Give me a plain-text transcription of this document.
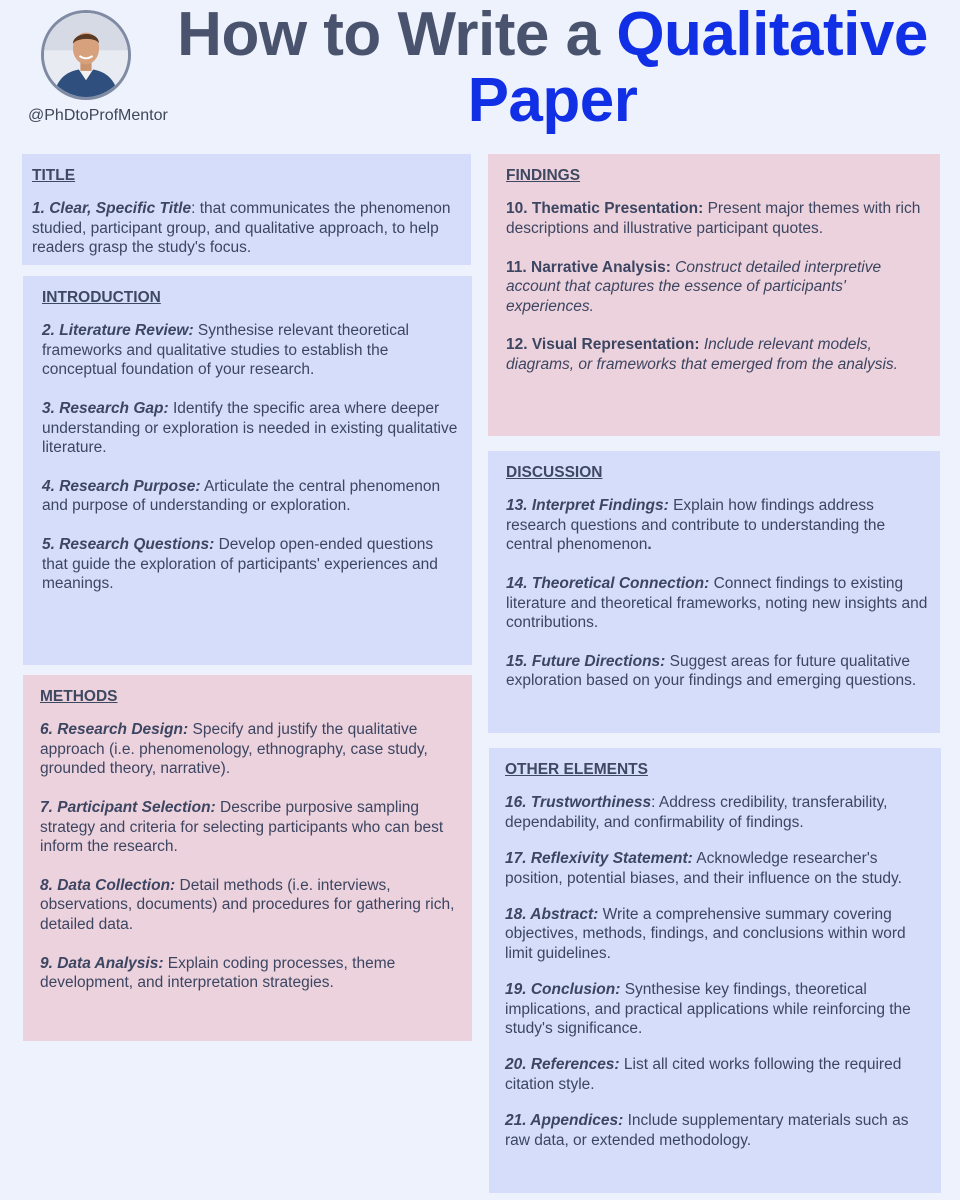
@PhDtoProfMentor
How to Write a Qualitative
Paper
TITLE
1. Clear, Specific Title: that communicates the phenomenon studied, participant group, and qualitative approach, to help readers grasp the study's focus.
INTRODUCTION
2. Literature Review: Synthesise relevant theoretical frameworks and qualitative studies to establish the conceptual foundation of your research.
3. Research Gap: Identify the specific area where deeper understanding or exploration is needed in existing qualitative literature.
4. Research Purpose: Articulate the central phenomenon and purpose of understanding or exploration.
5. Research Questions: Develop open-ended questions that guide the exploration of participants' experiences and meanings.
METHODS
6. Research Design: Specify and justify the qualitative approach (i.e. phenomenology, ethnography, case study, grounded theory, narrative).
7. Participant Selection: Describe purposive sampling strategy and criteria for selecting participants who can best inform the research.
8. Data Collection: Detail methods (i.e. interviews, observations, documents) and procedures for gathering rich, detailed data.
9. Data Analysis: Explain coding processes, theme development, and interpretation strategies.
FINDINGS
10. Thematic Presentation: Present major themes with rich descriptions and illustrative participant quotes.
11. Narrative Analysis: Construct detailed interpretive account that captures the essence of participants' experiences.
12. Visual Representation: Include relevant models, diagrams, or frameworks that emerged from the analysis.
DISCUSSION
13. Interpret Findings: Explain how findings address research questions and contribute to understanding the central phenomenon.
14. Theoretical Connection: Connect findings to existing literature and theoretical frameworks, noting new insights and contributions.
15. Future Directions: Suggest areas for future qualitative exploration based on your findings and emerging questions.
OTHER ELEMENTS
16. Trustworthiness: Address credibility, transferability, dependability, and confirmability of findings.
17. Reflexivity Statement: Acknowledge researcher's position, potential biases, and their influence on the study.
18. Abstract: Write a comprehensive summary covering objectives, methods, findings, and conclusions within word limit guidelines.
19. Conclusion: Synthesise key findings, theoretical implications, and practical applications while reinforcing the study's significance.
20. References: List all cited works following the required citation style.
21. Appendices: Include supplementary materials such as raw data, or extended methodology.
